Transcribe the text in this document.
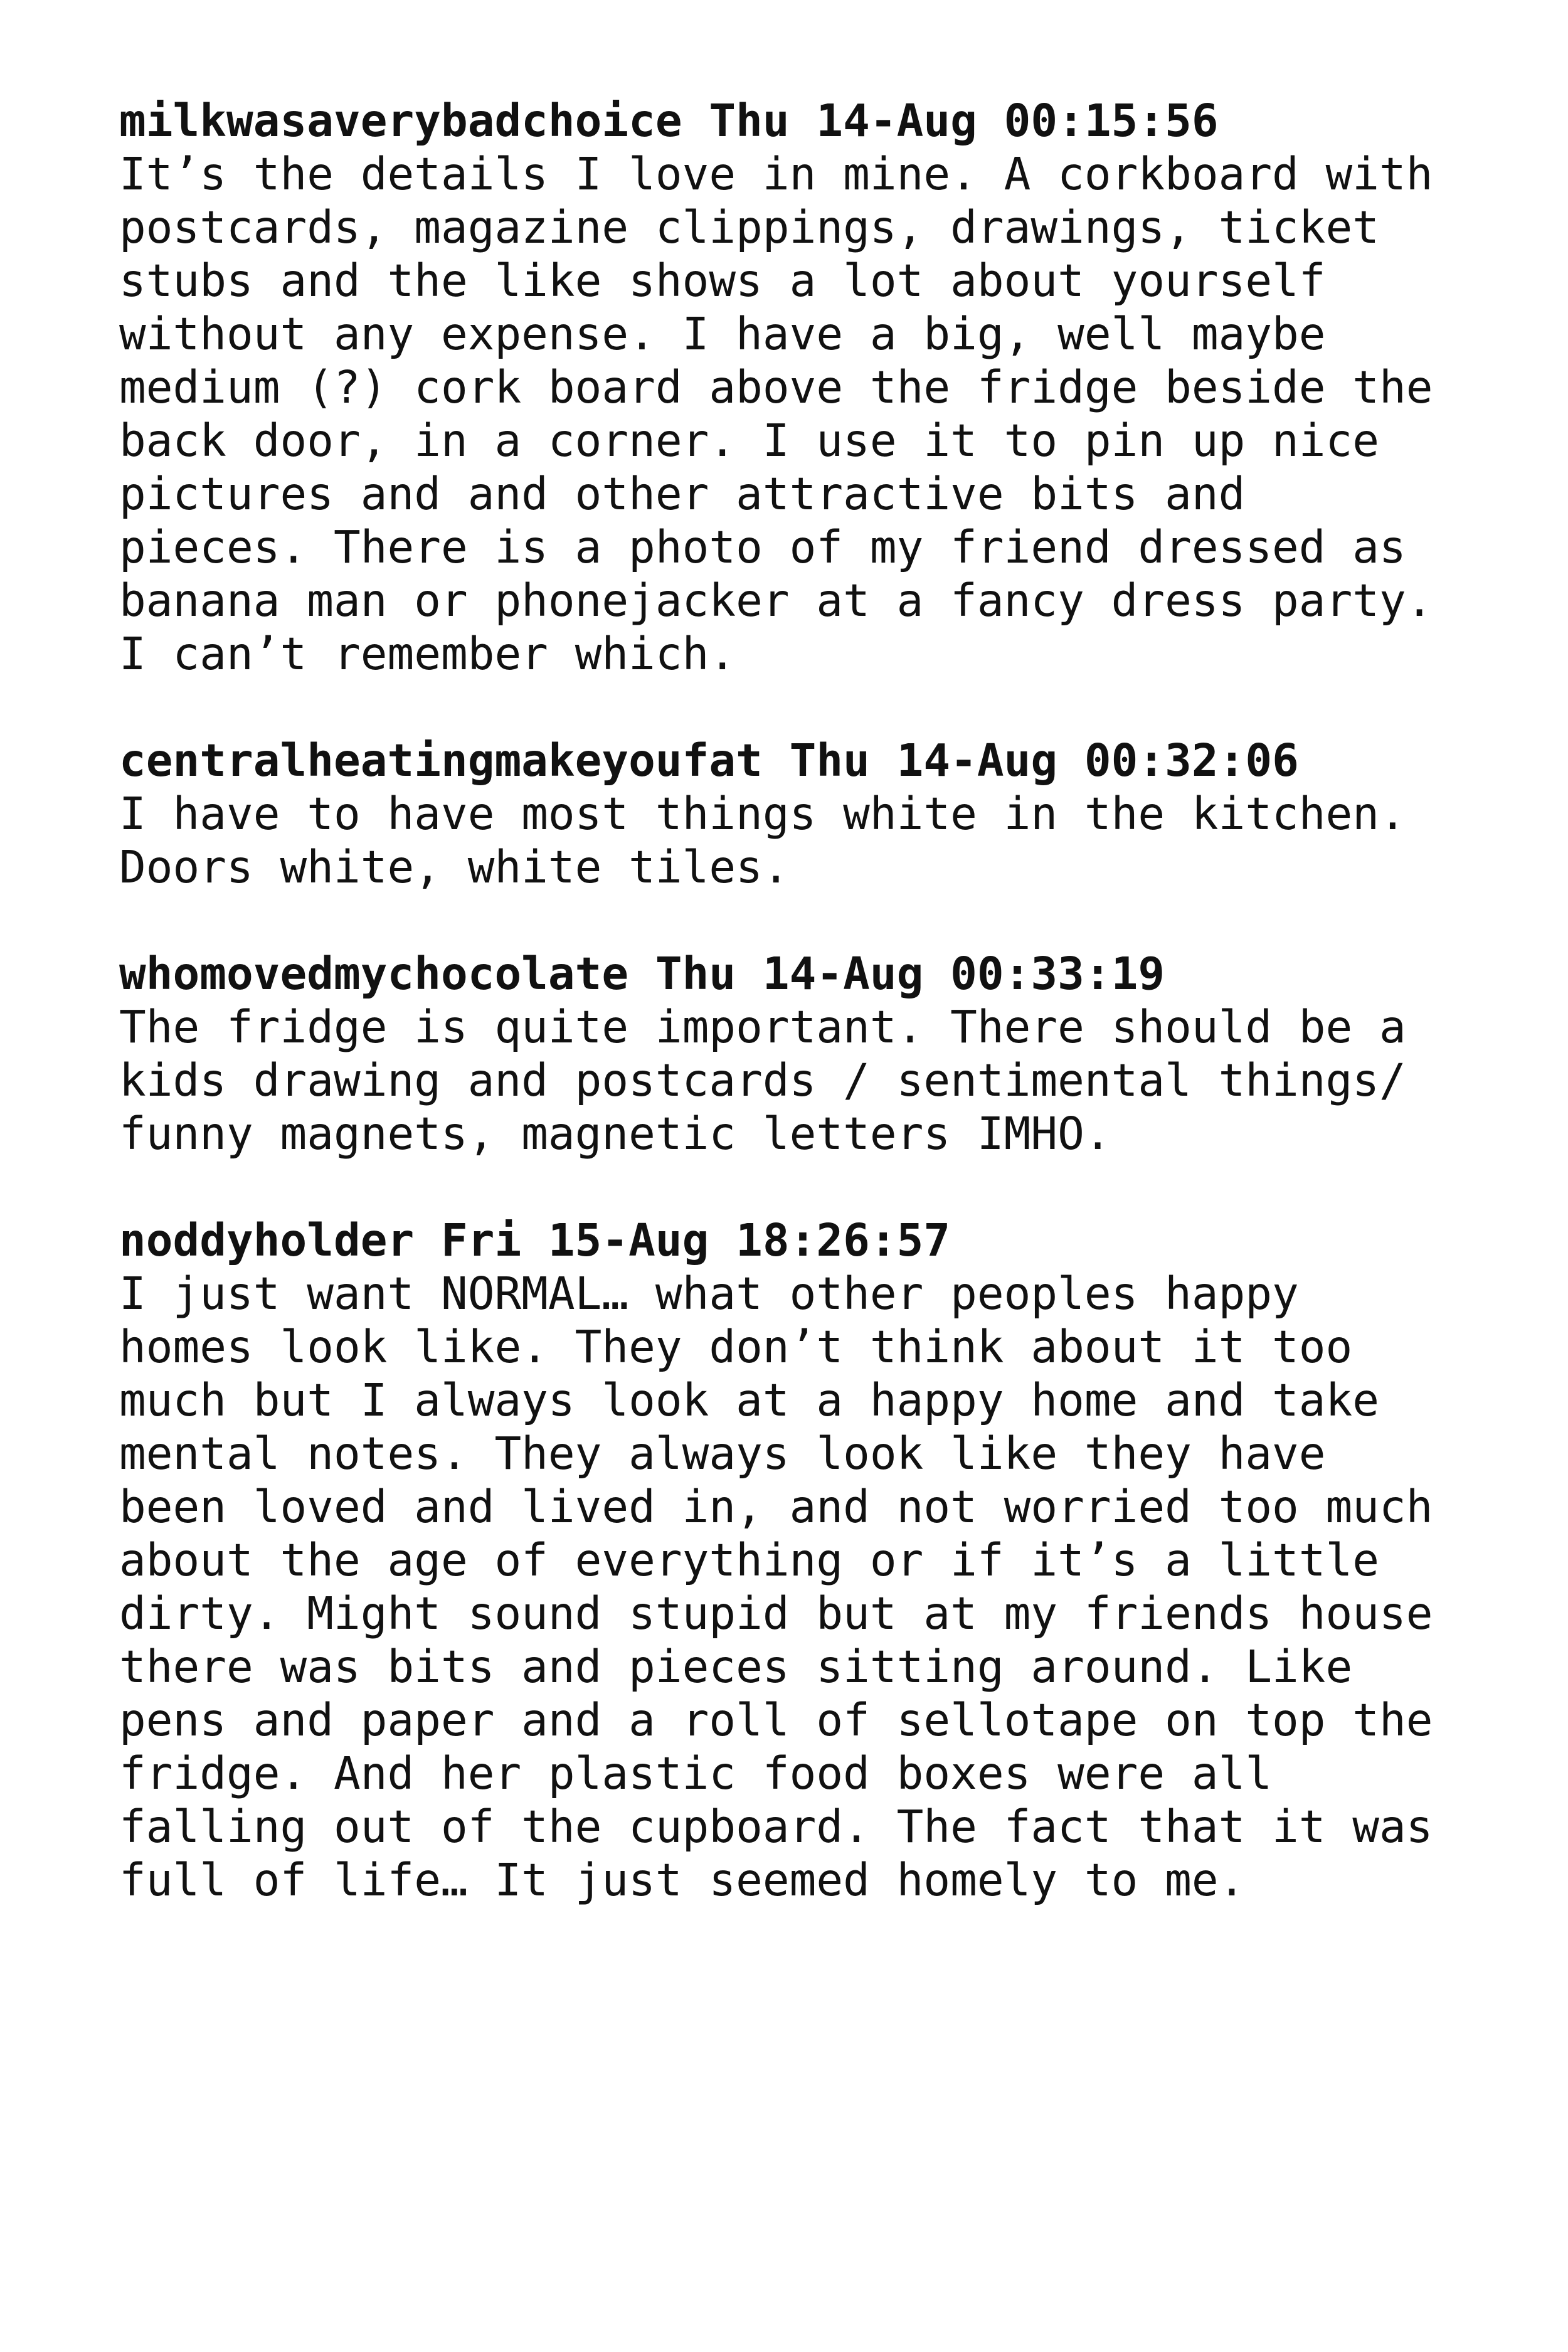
milkwasaverybadchoice Thu 14-Aug 00:15:56
It’s the details I love in mine. A corkboard with
postcards, magazine clippings, drawings, ticket
stubs and the like shows a lot about yourself
without any expense. I have a big, well maybe
medium (?) cork board above the fridge beside the
back door, in a corner. I use it to pin up nice
pictures and and other attractive bits and
pieces. There is a photo of my friend dressed as
banana man or phonejacker at a fancy dress party.
I can’t remember which.
centralheatingmakeyoufat Thu 14-Aug 00:32:06
I have to have most things white in the kitchen.
Doors white, white tiles.
whomovedmychocolate Thu 14-Aug 00:33:19
The fridge is quite important. There should be a
kids drawing and postcards / sentimental things/
funny magnets, magnetic letters IMHO.
noddyholder Fri 15-Aug 18:26:57
I just want NORMAL… what other peoples happy
homes look like. They don’t think about it too
much but I always look at a happy home and take
mental notes. They always look like they have
been loved and lived in, and not worried too much
about the age of everything or if it’s a little
dirty. Might sound stupid but at my friends house
there was bits and pieces sitting around. Like
pens and paper and a roll of sellotape on top the
fridge. And her plastic food boxes were all
falling out of the cupboard. The fact that it was
full of life… It just seemed homely to me.
